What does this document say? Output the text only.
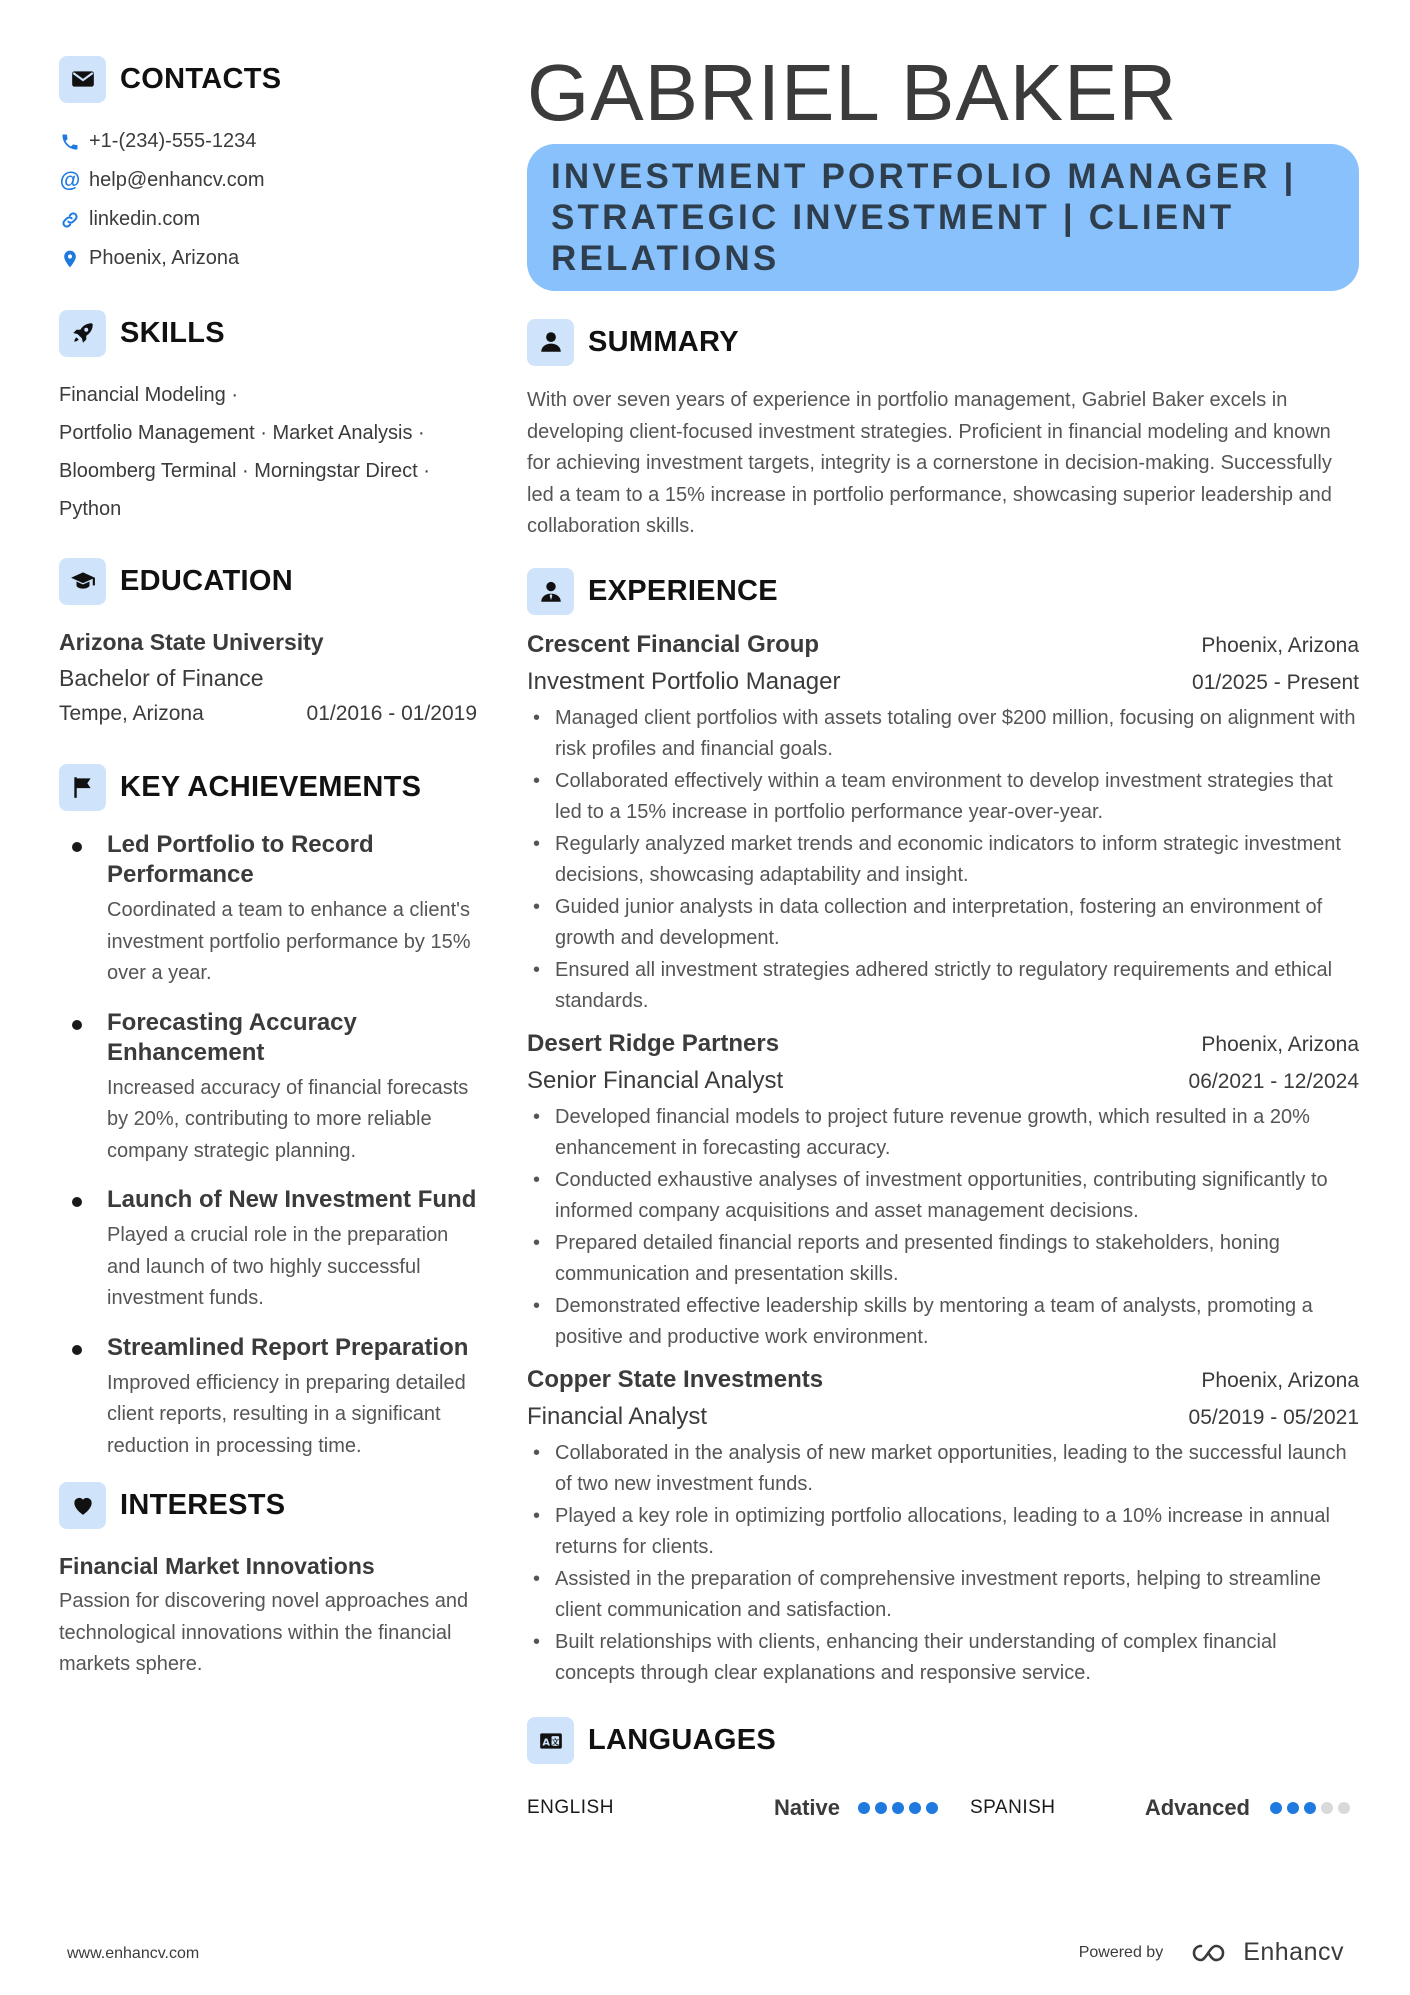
CONTACTS
+1-(234)-555-1234
@ help@enhancv.com
linkedin.com
Phoenix, Arizona
SKILLS
Financial Modeling ·
Portfolio Management · Market Analysis ·
Bloomberg Terminal · Morningstar Direct ·
Python
EDUCATION
Arizona State University
Bachelor of Finance
Tempe, Arizona	01/2016 - 01/2019
KEY ACHIEVEMENTS
Led Portfolio to Record Performance
Coordinated a team to enhance a client's investment portfolio performance by 15% over a year.
Forecasting Accuracy Enhancement
Increased accuracy of financial forecasts by 20%, contributing to more reliable company strategic planning.
Launch of New Investment Fund
Played a crucial role in the preparation and launch of two highly successful investment funds.
Streamlined Report Preparation
Improved efficiency in preparing detailed client reports, resulting in a significant reduction in processing time.
INTERESTS
Financial Market Innovations
Passion for discovering novel approaches and technological innovations within the financial markets sphere.
GABRIEL BAKER
INVESTMENT PORTFOLIO MANAGER | STRATEGIC INVESTMENT | CLIENT RELATIONS
SUMMARY
With over seven years of experience in portfolio management, Gabriel Baker excels in developing client-focused investment strategies. Proficient in financial modeling and known for achieving investment targets, integrity is a cornerstone in decision-making. Successfully led a team to a 15% increase in portfolio performance, showcasing superior leadership and collaboration skills.
EXPERIENCE
Crescent Financial Group	Phoenix, Arizona
Investment Portfolio Manager	01/2025 - Present
• Managed client portfolios with assets totaling over $200 million, focusing on alignment with risk profiles and financial goals.
• Collaborated effectively within a team environment to develop investment strategies that led to a 15% increase in portfolio performance year-over-year.
• Regularly analyzed market trends and economic indicators to inform strategic investment decisions, showcasing adaptability and insight.
• Guided junior analysts in data collection and interpretation, fostering an environment of growth and development.
• Ensured all investment strategies adhered strictly to regulatory requirements and ethical standards.
Desert Ridge Partners	Phoenix, Arizona
Senior Financial Analyst	06/2021 - 12/2024
• Developed financial models to project future revenue growth, which resulted in a 20% enhancement in forecasting accuracy.
• Conducted exhaustive analyses of investment opportunities, contributing significantly to informed company acquisitions and asset management decisions.
• Prepared detailed financial reports and presented findings to stakeholders, honing communication and presentation skills.
• Demonstrated effective leadership skills by mentoring a team of analysts, promoting a positive and productive work environment.
Copper State Investments	Phoenix, Arizona
Financial Analyst	05/2019 - 05/2021
• Collaborated in the analysis of new market opportunities, leading to the successful launch of two new investment funds.
• Played a key role in optimizing portfolio allocations, leading to a 10% increase in annual returns for clients.
• Assisted in the preparation of comprehensive investment reports, helping to streamline client communication and satisfaction.
• Built relationships with clients, enhancing their understanding of complex financial concepts through clear explanations and responsive service.
A 文 LANGUAGES
ENGLISH	Native	SPANISH	Advanced
www.enhancv.com	Powered by	Enhancv
